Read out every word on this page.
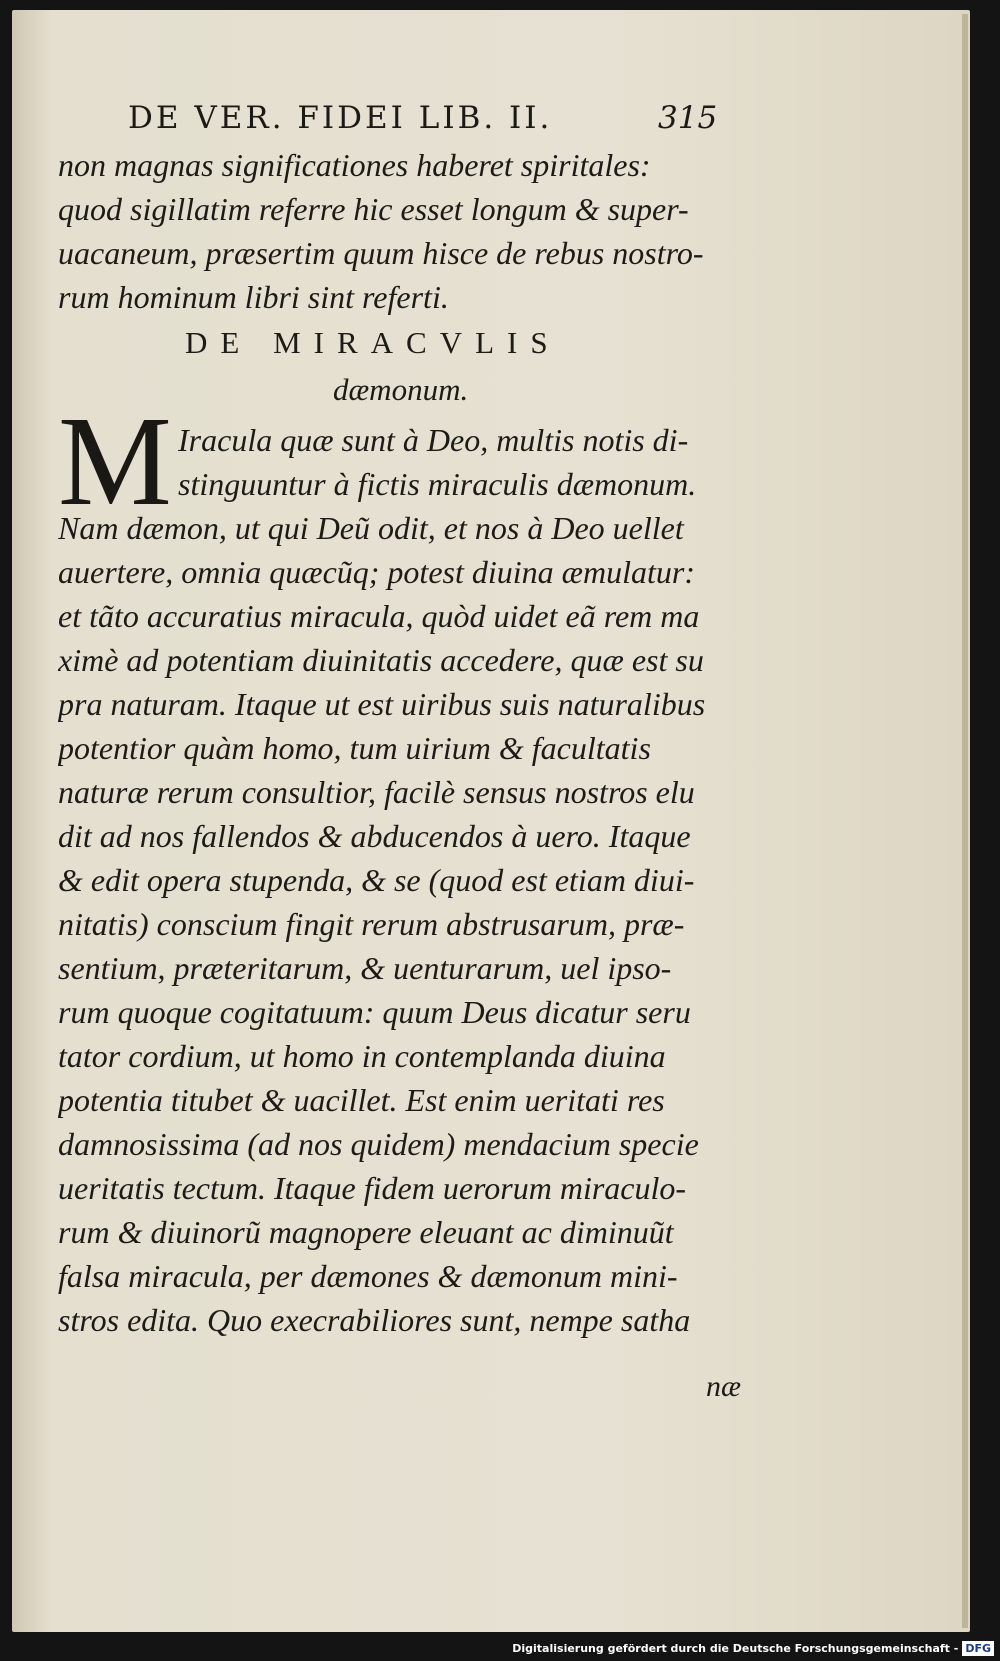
DE VER. FIDEI LIB. II.	315
non magnas significationes haberet spiritales:
quod sigillatim referre hic esset longum & super-
uacaneum, præsertim quum hisce de rebus nostro-
rum hominum libri sint referti.
DE MIRACVLIS
dæmonum.
M Iracula quæ sunt à Deo, multis notis di-
stinguuntur à fictis miraculis dæmonum.
Nam dæmon, ut qui Deũ odit, et nos à Deo uellet
auertere, omnia quæcũq; potest diuina æmulatur:
et tãto accuratius miracula, quòd uidet eã rem ma
ximè ad potentiam diuinitatis accedere, quæ est su
pra naturam. Itaque ut est uiribus suis naturalibus
potentior quàm homo, tum uirium & facultatis
naturæ rerum consultior, facilè sensus nostros elu
dit ad nos fallendos & abducendos à uero. Itaque
& edit opera stupenda, & se (quod est etiam diui-
nitatis) conscium fingit rerum abstrusarum, præ-
sentium, præteritarum, & uenturarum, uel ipso-
rum quoque cogitatuum: quum Deus dicatur seru
tator cordium, ut homo in contemplanda diuina
potentia titubet & uacillet. Est enim ueritati res
damnosissima (ad nos quidem) mendacium specie
ueritatis tectum. Itaque fidem uerorum miraculo-
rum & diuinorũ magnopere eleuant ac diminuũt
falsa miracula, per dæmones & dæmonum mini-
stros edita. Quo execrabiliores sunt, nempe satha
næ
Digitalisierung gefördert durch die Deutsche Forschungsgemeinschaft - DFG
